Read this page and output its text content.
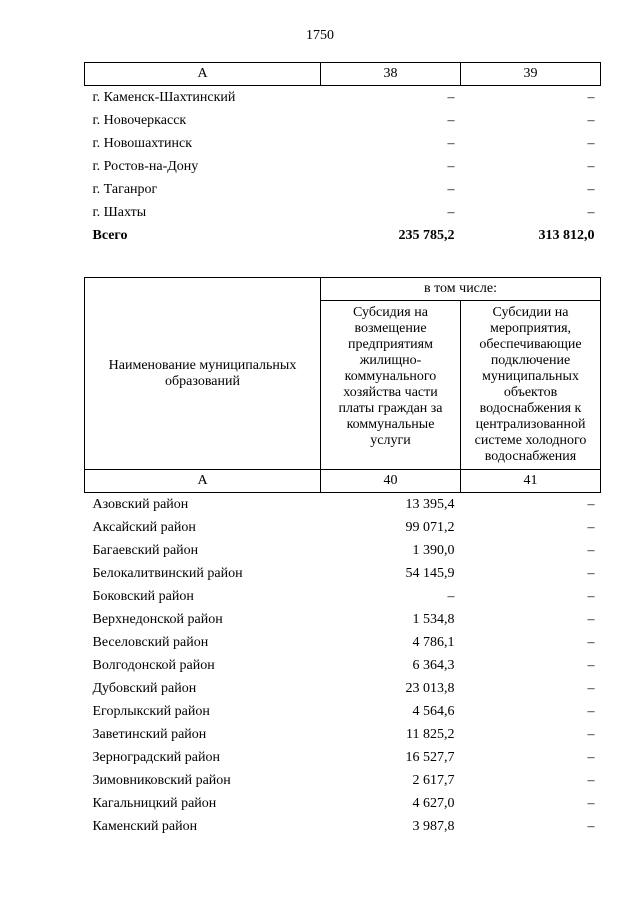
1750
А	38	39
г. Каменск-Шахтинский	–	–
г. Новочеркасск	–	–
г. Новошахтинск	–	–
г. Ростов-на-Дону	–	–
г. Таганрог	–	–
г. Шахты	–	–
Всего	235 785,2	313 812,0
Наименование муниципальных образований	в том числе:	
	Субсидия на возмещение предприятиям жилищно-коммунального хозяйства части платы граждан за коммунальные услуги	Субсидии на мероприятия, обеспечивающие подключение муниципальных объектов водоснабжения к централизованной системе холодного водоснабжения
А	40	41
Азовский район	13 395,4	–
Аксайский район	99 071,2	–
Багаевский район	1 390,0	–
Белокалитвинский район	54 145,9	–
Боковский район	–	–
Верхнедонской район	1 534,8	–
Веселовский район	4 786,1	–
Волгодонской район	6 364,3	–
Дубовский район	23 013,8	–
Егорлыкский район	4 564,6	–
Заветинский район	11 825,2	–
Зерноградский район	16 527,7	–
Зимовниковский район	2 617,7	–
Кагальницкий район	4 627,0	–
Каменский район	3 987,8	–
